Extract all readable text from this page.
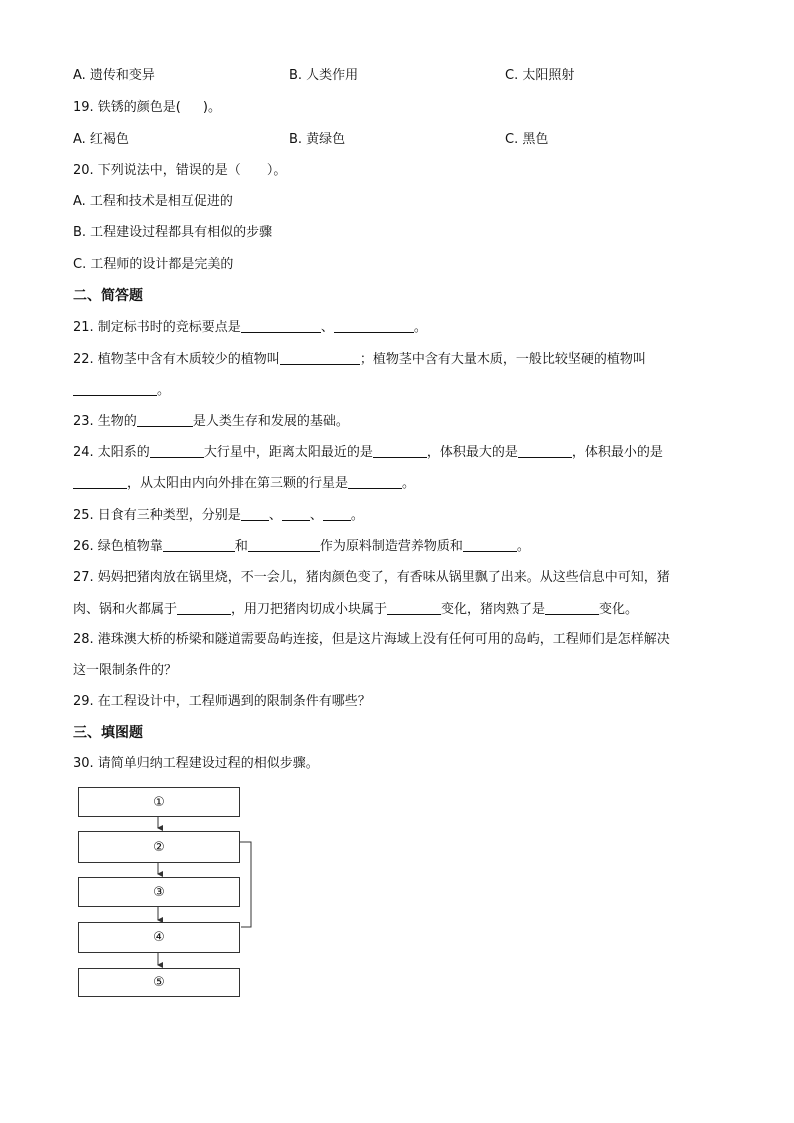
A. 遗传和变异	B. 人类作用	C. 太阳照射
19. 铁锈的颜色是( )。
A. 红褐色	B. 黄绿色	C. 黑色
20. 下列说法中，错误的是（ ）。
A. 工程和技术是相互促进的
B. 工程建设过程都具有相似的步骤
C. 工程师的设计都是完美的
二、简答题
21. 制定标书时的竞标要点是	、	。
22. 植物茎中含有木质较少的植物叫	；植物茎中含有大量木质，一般比较坚硬的植物叫
。
23. 生物的	是人类生存和发展的基础。
24. 太阳系的	大行星中，距离太阳最近的是	，体积最大的是	，体积最小的是
，从太阳由内向外排在第三颗的行星是	。
25. 日食有三种类型，分别是 、 、 。
26. 绿色植物靠	和	作为原料制造营养物质和	。
27. 妈妈把猪肉放在锅里烧，不一会儿，猪肉颜色变了，有香味从锅里飘了出来。从这些信息中可知，猪
肉、锅和火都属于	，用刀把猪肉切成小块属于	变化，猪肉熟了是	变化。
28. 港珠澳大桥的桥梁和隧道需要岛屿连接，但是这片海域上没有任何可用的岛屿，工程师们是怎样解决
这一限制条件的？
29. 在工程设计中，工程师遇到的限制条件有哪些？
三、填图题
30. 请简单归纳工程建设过程的相似步骤。
①
②
③
④
⑤
